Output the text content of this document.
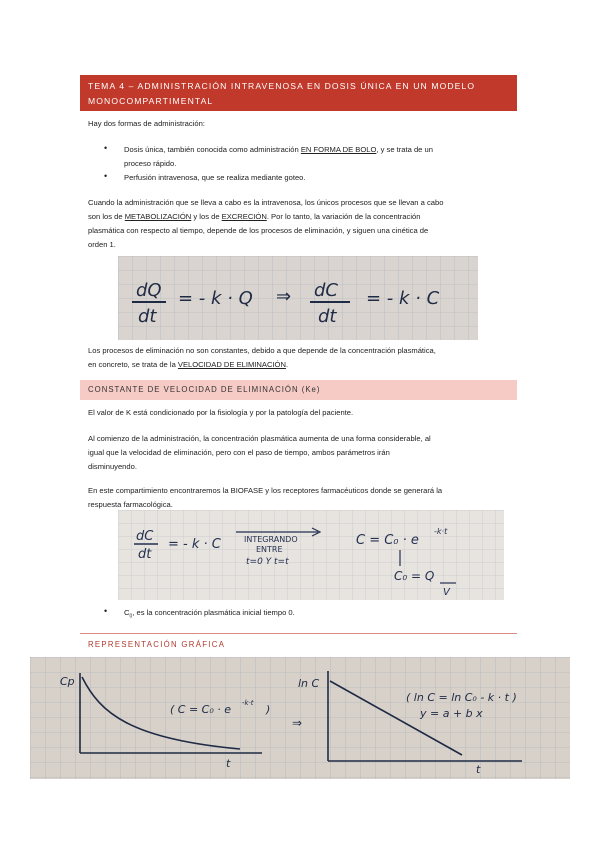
TEMA 4 – ADMINISTRACIÓN INTRAVENOSA EN DOSIS ÚNICA EN UN MODELO MONOCOMPARTIMENTAL
Hay dos formas de administración:
• Dosis única, también conocida como administración EN FORMA DE BOLO, y se trata de un
proceso rápido.
• Perfusión intravenosa, que se realiza mediante goteo.
Cuando la administración que se lleva a cabo es la intravenosa, los únicos procesos que se llevan a cabo
son los de METABOLIZACIÓN y los de EXCRECIÓN. Por lo tanto, la variación de la concentración
plasmática con respecto al tiempo, depende de los procesos de eliminación, y siguen una cinética de
orden 1.
dQ
dt
= - k · Q ⇒ dC
dt
= - k · C
Los procesos de eliminación no son constantes, debido a que depende de la concentración plasmática,
en concreto, se trata de la VELOCIDAD DE ELIMINACIÓN.
CONSTANTE DE VELOCIDAD DE ELIMINACIÓN (Ke)
El valor de K está condicionado por la fisiología y por la patología del paciente.
Al comienzo de la administración, la concentración plasmática aumenta de una forma considerable, al
igual que la velocidad de eliminación, pero con el paso de tiempo, ambos parámetros irán
disminuyendo.
En este compartimiento encontraremos la BIOFASE y los receptores farmacéuticos donde se generará la
respuesta farmacológica.
dC
dt
= - k · C	INTEGRANDO
ENTRE
t=0 Y t=t
C = C₀ · e
-k·t
C₀ = Q
V
• $C_0$, es la concentración plasmática inicial tiempo 0.
REPRESENTACIÓN GRÁFICA
Cp
t
( C = C₀ · e -k·t )
⇒
ln C
t
( ln C = ln C₀ - k · t )
y = a + b x
